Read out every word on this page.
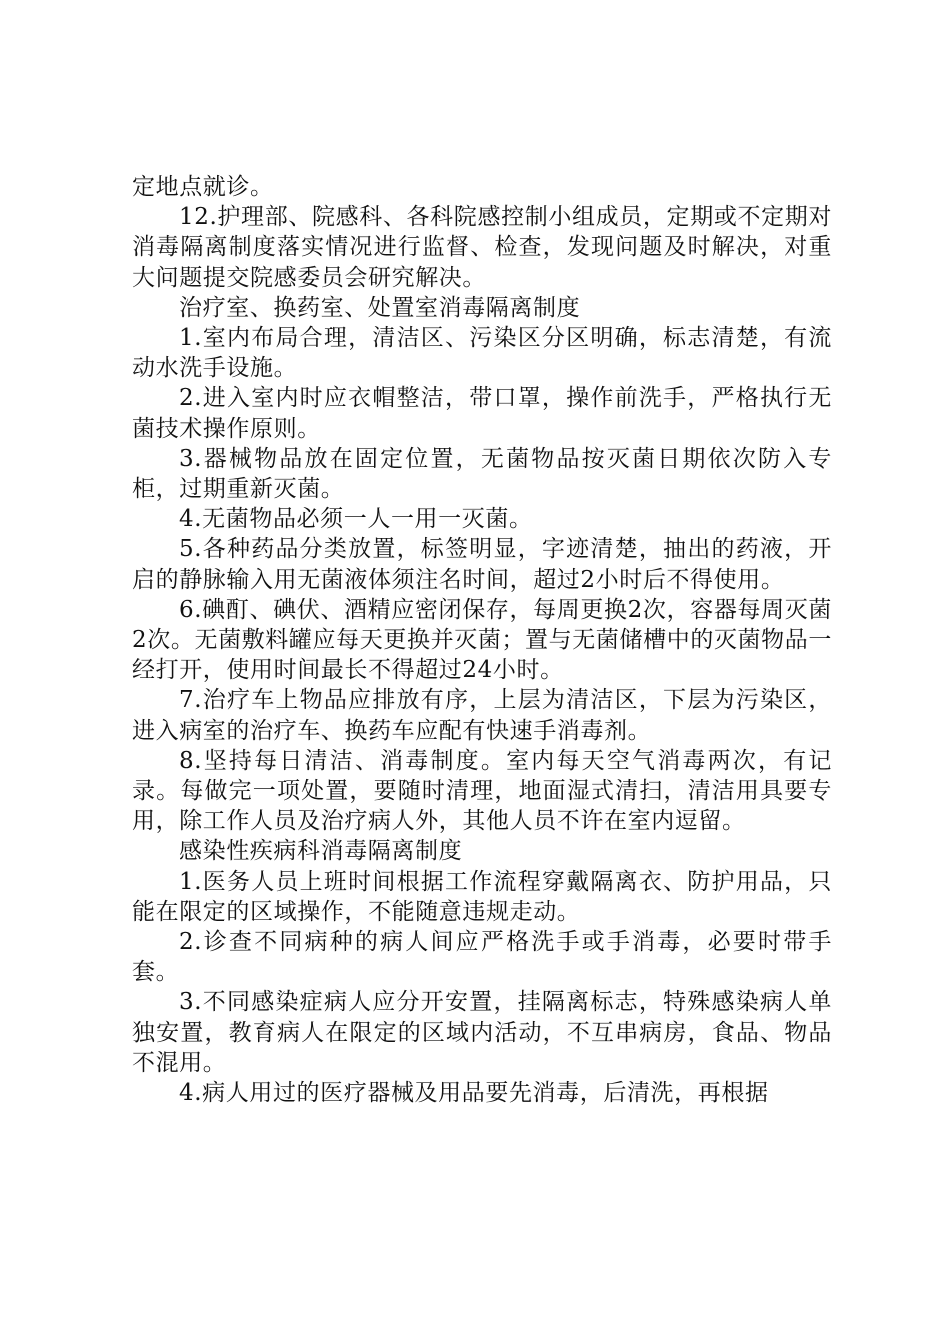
定地点就诊。

12.护理部、院感科、各科院感控制小组成员，定期或不定期对消毒隔离制度落实情况进行监督、检查，发现问题及时解决，对重大问题提交院感委员会研究解决。

治疗室、换药室、处置室消毒隔离制度

1.室内布局合理，清洁区、污染区分区明确，标志清楚，有流动水洗手设施。

2.进入室内时应衣帽整洁，带口罩，操作前洗手，严格执行无菌技术操作原则。

3.器械物品放在固定位置，无菌物品按灭菌日期依次防入专柜，过期重新灭菌。

4.无菌物品必须一人一用一灭菌。

5.各种药品分类放置，标签明显，字迹清楚，抽出的药液，开启的静脉输入用无菌液体须注名时间，超过2小时后不得使用。

6.碘酊、碘伏、酒精应密闭保存，每周更换2次，容器每周灭菌2次。无菌敷料罐应每天更换并灭菌；置与无菌储槽中的灭菌物品一经打开，使用时间最长不得超过24小时。

7.治疗车上物品应排放有序，上层为清洁区，下层为污染区，进入病室的治疗车、换药车应配有快速手消毒剂。

8.坚持每日清洁、消毒制度。室内每天空气消毒两次，有记录。每做完一项处置，要随时清理，地面湿式清扫，清洁用具要专用，除工作人员及治疗病人外，其他人员不许在室内逗留。

感染性疾病科消毒隔离制度

1.医务人员上班时间根据工作流程穿戴隔离衣、防护用品，只能在限定的区域操作，不能随意违规走动。

2.诊查不同病种的病人间应严格洗手或手消毒，必要时带手套。

3.不同感染症病人应分开安置，挂隔离标志，特殊感染病人单独安置，教育病人在限定的区域内活动，不互串病房，食品、物品不混用。

4.病人用过的医疗器械及用品要先消毒，后清洗，再根据
